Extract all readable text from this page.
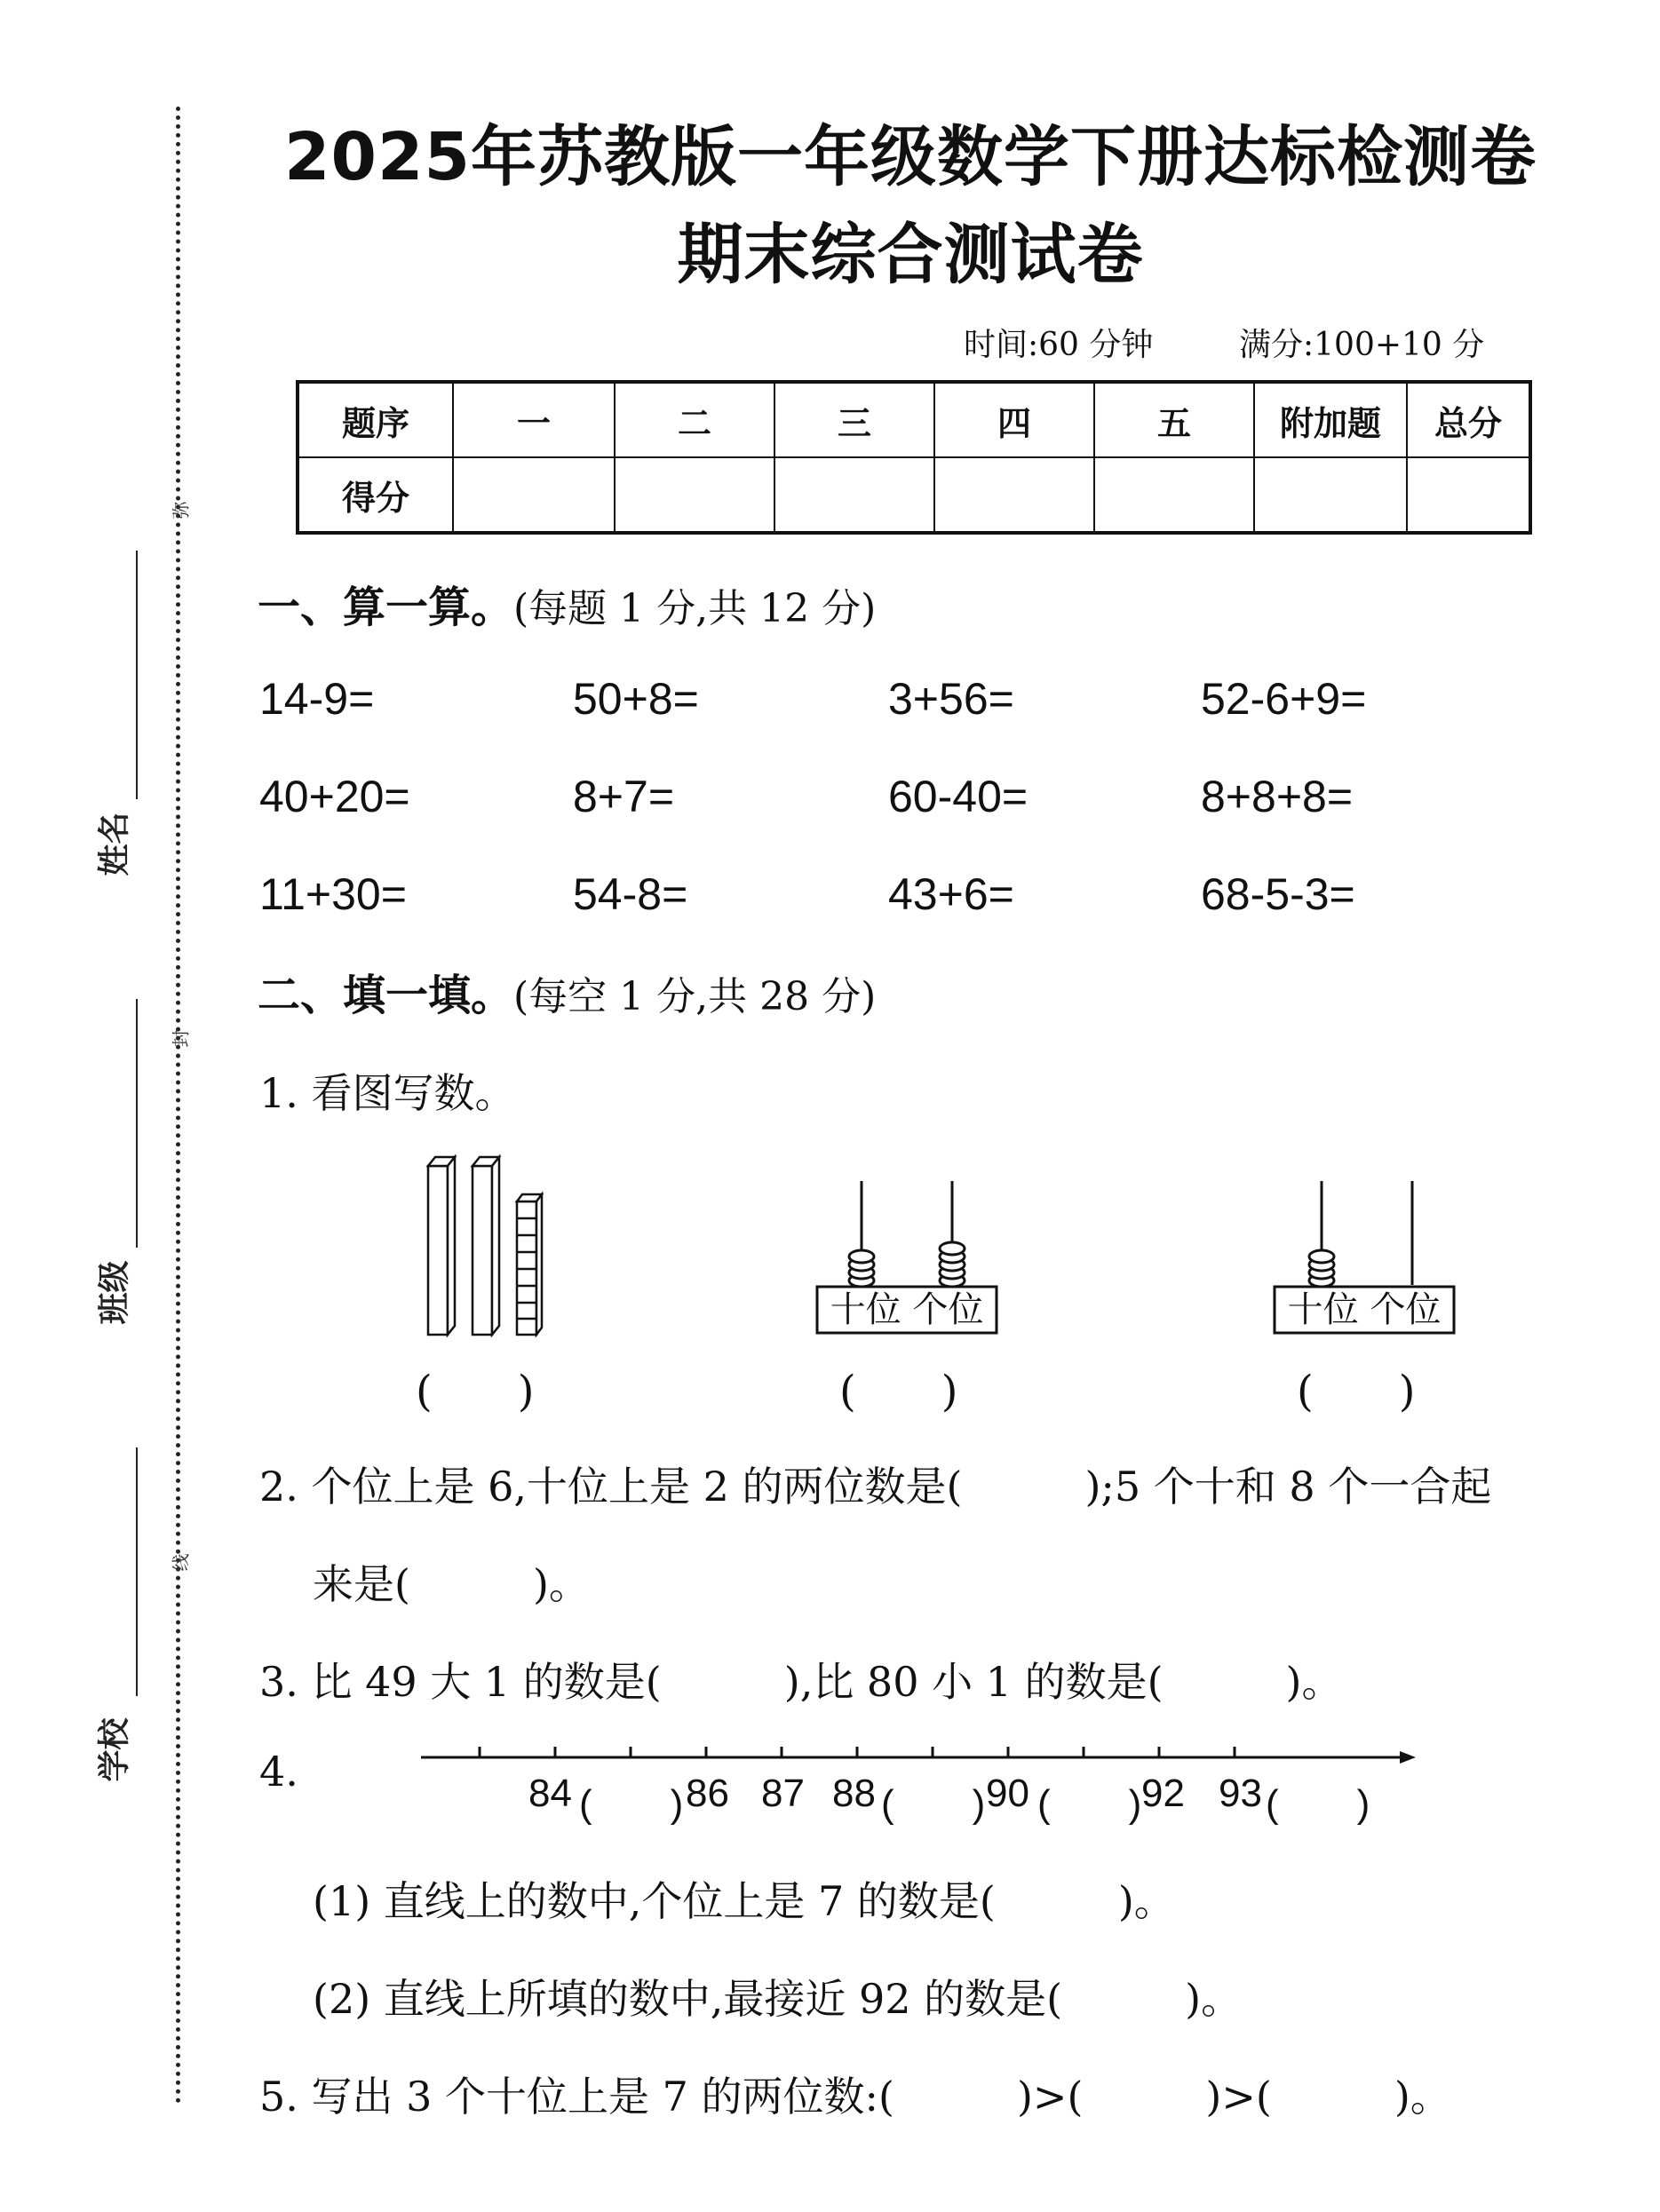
弥
封
线
姓名
班级
学校
2025年苏教版一年级数学下册达标检测卷
期末综合测试卷
时间:60 分钟	满分:100+10 分
题序	一	二	三	四	五	附加题	总分
得分							
一、算一算。(每题 1 分,共 12 分)
14-9=	50+8=	3+56=	52-6+9=
40+20=	8+7=	60-40=	8+8+8=
11+30=	54-8=	43+6=	68-5-3=
二、填一填。(每空 1 分,共 28 分)
1. 看图写数。
(　　)
十位 个位
(　　)
十位 个位
(　　)
2. 个位上是 6,十位上是 2 的两位数是(　　　);5 个十和 8 个一合起
来是(　　　)。
3. 比 49 大 1 的数是(　　　),比 80 小 1 的数是(　　　)。
4.	84 (　　) 86 87 88 (　　) 90 (　　) 92 93 (　　)
(1) 直线上的数中,个位上是 7 的数是(　　　)。
(2) 直线上所填的数中,最接近 92 的数是(　　　)。
5. 写出 3 个十位上是 7 的两位数:(　　　)>(　　　)>(　　　)。
